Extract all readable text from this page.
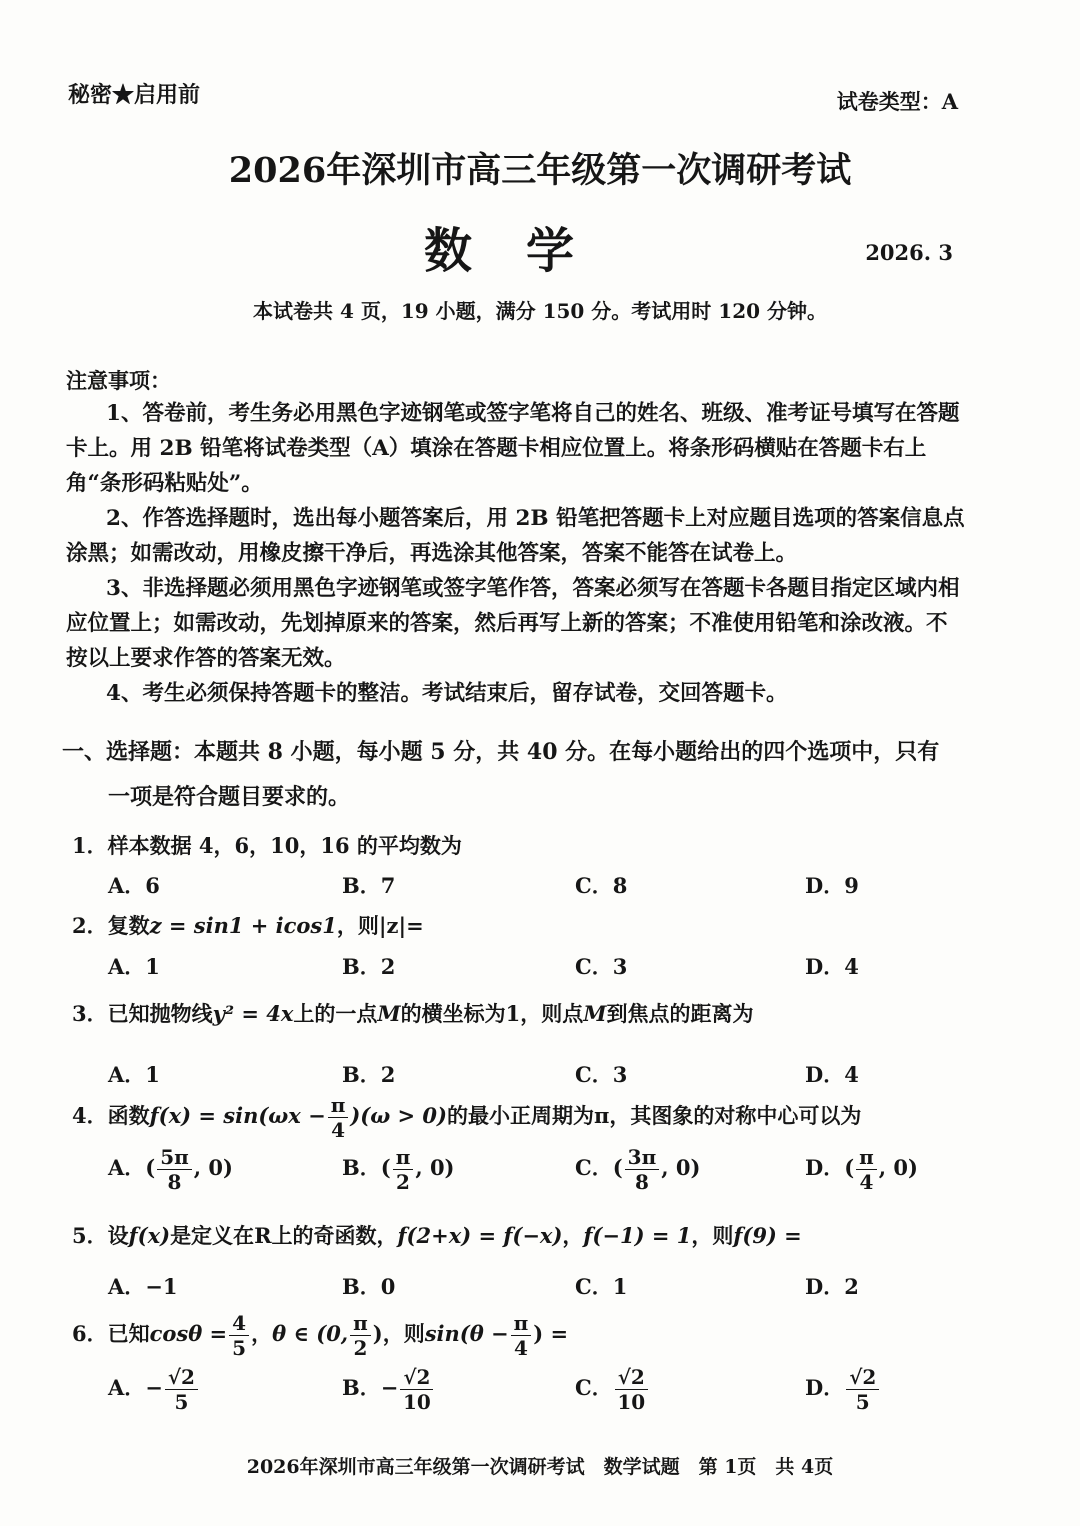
秘密★启用前	试卷类型：A
2026年深圳市高三年级第一次调研考试
数学	2026. 3
本试卷共 4 页，19 小题，满分 150 分。考试用时 120 分钟。
注意事项：
1、答卷前，考生务必用黑色字迹钢笔或签字笔将自己的姓名、班级、准考证号填写在答题卡上。用 2B 铅笔将试卷类型（A）填涂在答题卡相应位置上。将条形码横贴在答题卡右上角“条形码粘贴处”。
2、作答选择题时，选出每小题答案后，用 2B 铅笔把答题卡上对应题目选项的答案信息点涂黑；如需改动，用橡皮擦干净后，再选涂其他答案，答案不能答在试卷上。
3、非选择题必须用黑色字迹钢笔或签字笔作答，答案必须写在答题卡各题目指定区域内相应位置上；如需改动，先划掉原来的答案，然后再写上新的答案；不准使用铅笔和涂改液。不按以上要求作答的答案无效。
4、考生必须保持答题卡的整洁。考试结束后，留存试卷，交回答题卡。
一、选择题：本题共 8 小题，每小题 5 分，共 40 分。在每小题给出的四个选项中，只有
一项是符合题目要求的。
1．样本数据 4，6，10，16 的平均数为
A．6	B．7	C．8	D．9
2．复数z = sin1 + icos1，则|z|=
A．1	B．2	C．3	D．4
3．已知抛物线y² = 4x上的一点M的横坐标为1，则点M到焦点的距离为
A．1	B．2	C．3	D．4
4．函数$f(x) = \sin(\omega x - \frac{\pi}{4} )(\omega > 0)$的最小正周期为π，其图象的对称中心可以为
A．( $\frac{5\pi}{8}$ , 0)	B．( $\frac{\pi}{2}$ , 0)	C．( $\frac{3\pi}{8}$ , 0)	D．( $\frac{\pi}{4}$ , 0)
5．设f(x)是定义在R上的奇函数，f(2+x) = f(−x)，f(−1) = 1，则f(9) =
A．−1	B．0	C．1	D．2
6．已知$\cos\theta = \frac{4}{5}$ ，θ ∈ (0, $\frac{\pi}{2}$ )，则$\sin(\theta - \frac{\pi}{4}$ ) =
A．− $\frac{√2}{5}$	B．− $\frac{√2}{10}$	C． $\frac{√2}{10}$	D． $\frac{√2}{5}$
2026年深圳市高三年级第一次调研考试　数学试题　第 1页　共 4页
